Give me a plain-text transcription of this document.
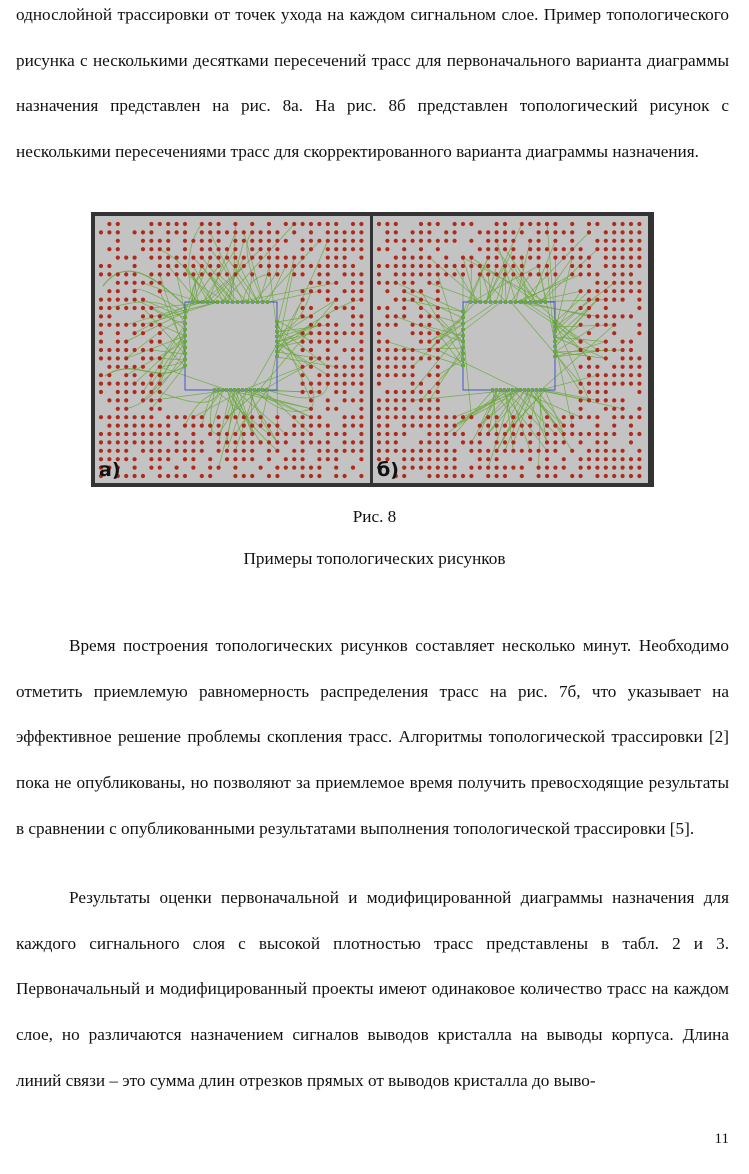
однослойной трассировки от точек ухода на каждом сигнальном слое. Пример топологического рисунка с несколькими десятками пересечений трасс для первоначального варианта диаграммы назначения представлен на рис. 8а. На рис. 8б представлен топологический рисунок с несколькими пересечениями трасс для скорректированного варианта диаграммы назначения.
а)	б)
Рис. 8
Примеры топологических рисунков
Время построения топологических рисунков составляет несколько минут. Необходимо отметить приемлемую равномерность распределения трасс на рис. 7б, что указывает на эффективное решение проблемы скопления трасс. Алгоритмы топологической трассировки [2] пока не опубликованы, но позволяют за приемлемое время получить превосходящие результаты в сравнении с опубликованными результатами выполнения топологической трассировки [5].
Результаты оценки первоначальной и модифицированной диаграммы назначения для каждого сигнального слоя с высокой плотностью трасс представлены в табл. 2 и 3. Первоначальный и модифицированный проекты имеют одинаковое количество трасс на каждом слое, но различаются назначением сигналов выводов кристалла на выводы корпуса. Длина линий связи – это сумма длин отрезков прямых от выводов кристалла до выво-
11
